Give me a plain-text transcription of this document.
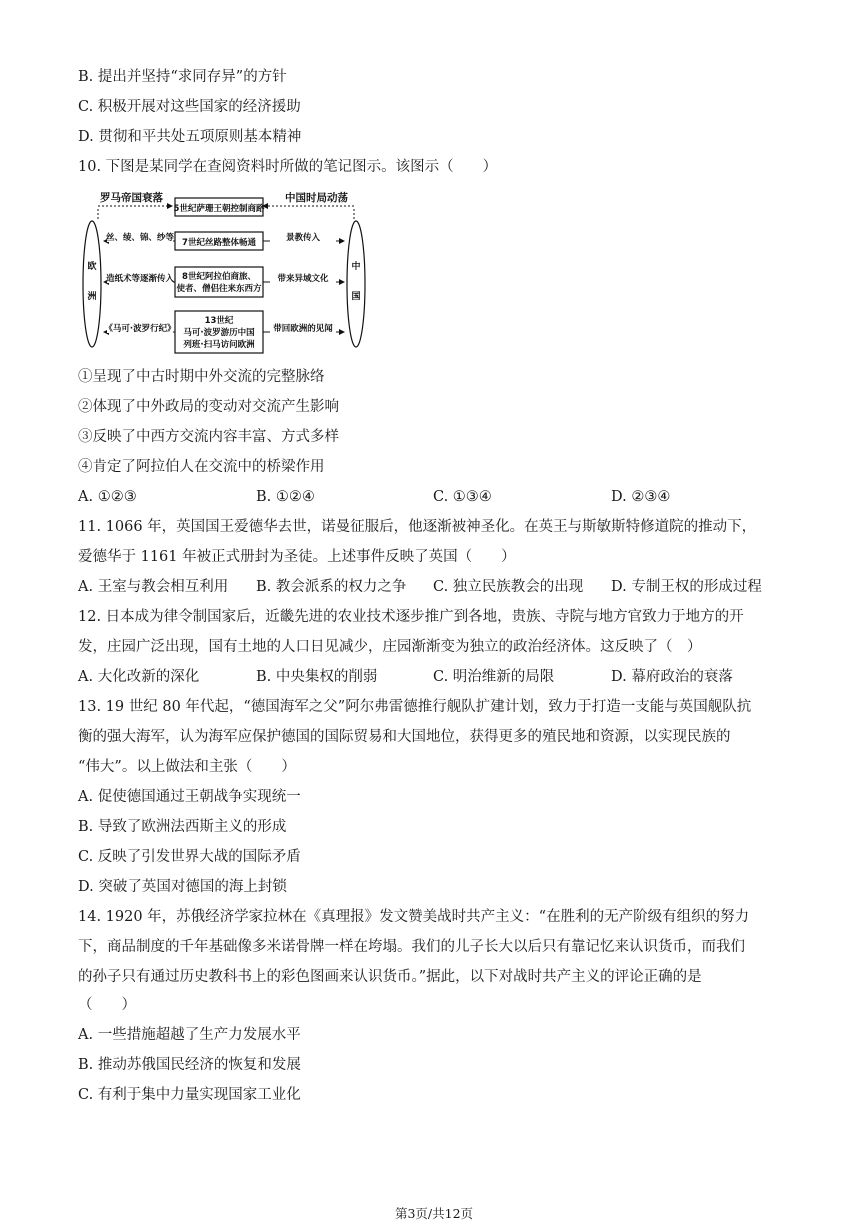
B. 提出并坚持“求同存异”的方针
C. 积极开展对这些国家的经济援助
D. 贯彻和平共处五项原则基本精神
10. 下图是某同学在查阅资料时所做的笔记图示。该图示（　　）
罗马帝国衰落	中国时局动荡
欧
洲
中
国
5世纪萨珊王朝控制商路
7世纪丝路整体畅通
8世纪阿拉伯商旅、
使者、僧侣往来东西方
13世纪
马可·波罗游历中国
列班·扫马访问欧洲
丝、绫、锦、纱等
造纸术等逐渐传入
《马可·波罗行纪》
景教传入
带来异域文化
带回欧洲的见闻
①呈现了中古时期中外交流的完整脉络
②体现了中外政局的变动对交流产生影响
③反映了中西方交流内容丰富、方式多样
④肯定了阿拉伯人在交流中的桥梁作用
A. ①②③	B. ①②④	C. ①③④	D. ②③④
11. 1066 年，英国国王爱德华去世，诺曼征服后，他逐渐被神圣化。在英王与斯敏斯特修道院的推动下，
爱德华于 1161 年被正式册封为圣徒。上述事件反映了英国（　　）
A. 王室与教会相互利用 B. 教会派系的权力之争 C. 独立民族教会的出现 D. 专制王权的形成过程
12. 日本成为律令制国家后，近畿先进的农业技术逐步推广到各地，贵族、寺院与地方官致力于地方的开
发，庄园广泛出现，国有土地的人口日见减少，庄园渐渐变为独立的政治经济体。这反映了（　）
A. 大化改新的深化	B. 中央集权的削弱	C. 明治维新的局限	D. 幕府政治的衰落
13. 19 世纪 80 年代起，“德国海军之父”阿尔弗雷德推行舰队扩建计划，致力于打造一支能与英国舰队抗
衡的强大海军，认为海军应保护德国的国际贸易和大国地位，获得更多的殖民地和资源，以实现民族的
“伟大”。以上做法和主张（　　）
A. 促使德国通过王朝战争实现统一
B. 导致了欧洲法西斯主义的形成
C. 反映了引发世界大战的国际矛盾
D. 突破了英国对德国的海上封锁
14. 1920 年，苏俄经济学家拉林在《真理报》发文赞美战时共产主义：“在胜利的无产阶级有组织的努力
下，商品制度的千年基础像多米诺骨牌一样在垮塌。我们的儿子长大以后只有靠记忆来认识货币，而我们
的孙子只有通过历史教科书上的彩色图画来认识货币。”据此，以下对战时共产主义的评论正确的是
（　　）
A. 一些措施超越了生产力发展水平
B. 推动苏俄国民经济的恢复和发展
C. 有利于集中力量实现国家工业化
第3页/共12页
